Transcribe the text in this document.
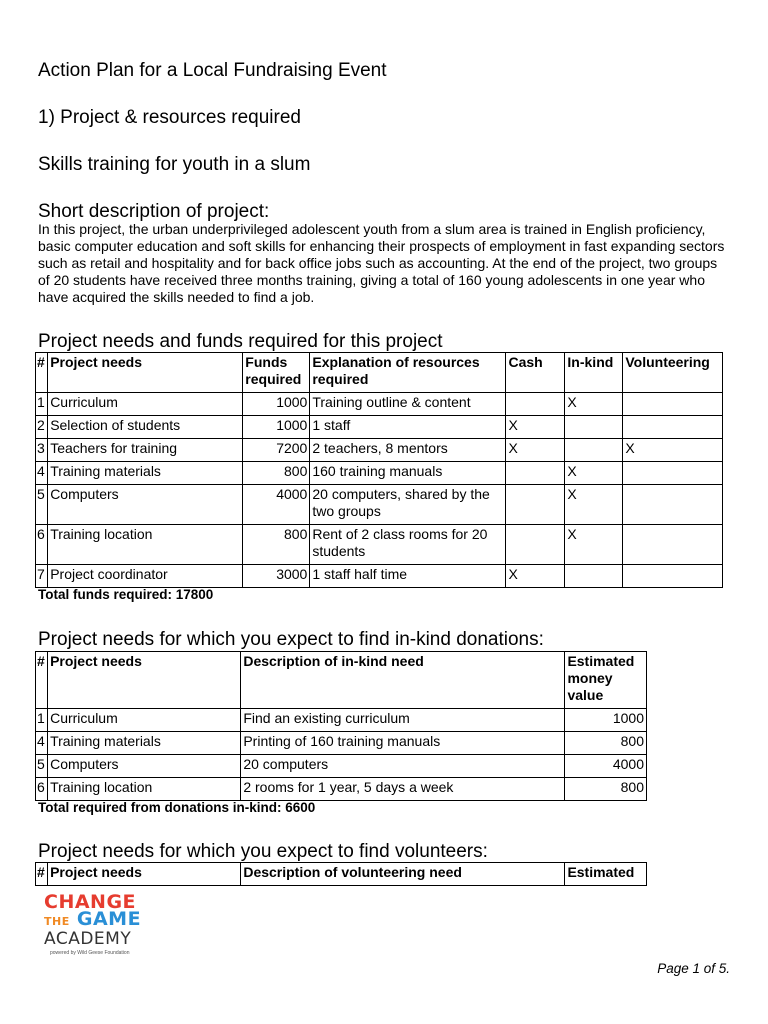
Action Plan for a Local Fundraising Event
1) Project & resources required
Skills training for youth in a slum
Short description of project:

In this project, the urban underprivileged adolescent youth from a slum area is trained in English proficiency, basic computer education and soft skills for enhancing their prospects of employment in fast expanding sectors such as retail and hospitality and for back office jobs such as accounting. At the end of the project, two groups of 20 students have received three months training, giving a total of 160 young adolescents in one year who have acquired the skills needed to find a job.

Project needs and funds required for this project
#	Project needs	Funds required	Explanation of resources required	Cash	In-kind	Volunteering
1	Curriculum	1000	Training outline & content		X	
2	Selection of students	1000	1 staff	X		
3	Teachers for training	7200	2 teachers, 8 mentors	X		X
4	Training materials	800	160 training manuals		X	
5	Computers	4000	20 computers, shared by the two groups		X	
6	Training location	800	Rent of 2 class rooms for 20 students		X	
7	Project coordinator	3000	1 staff half time	X		
Total funds required: 17800
Project needs for which you expect to find in-kind donations:
#	Project needs	Description of in-kind need	Estimated money value
1	Curriculum	Find an existing curriculum	1000
4	Training materials	Printing of 160 training manuals	800
5	Computers	20 computers	4000
6	Training location	2 rooms for 1 year, 5 days a week	800
Total required from donations in-kind: 6600
Project needs for which you expect to find volunteers:
#	Project needs	Description of volunteering need	Estimated
CHANGE
THE GAME
ACADEMY
powered by Wild Geese Foundation
Page 1 of 5.
